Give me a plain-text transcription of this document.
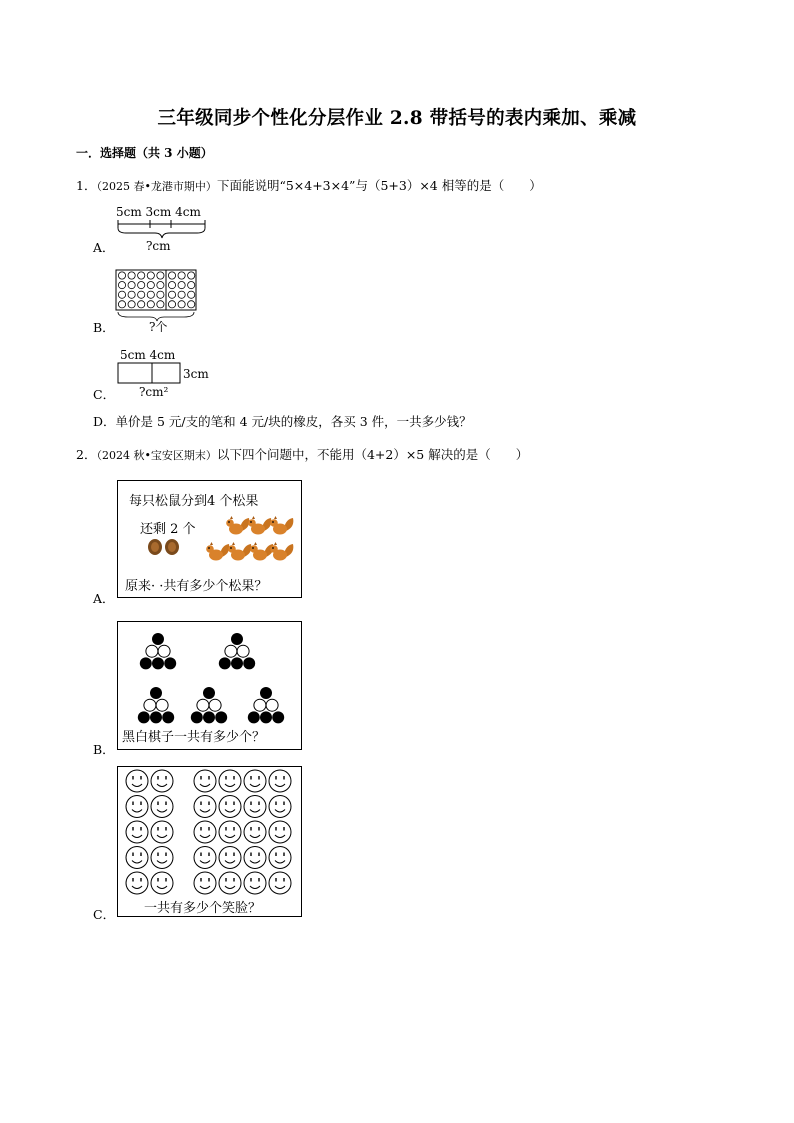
三年级同步个性化分层作业 2.8 带括号的表内乘加、乘减
一．选择题（共 3 小题）
1．（2025 春•龙港市期中）下面能说明“5×4+3×4”与（5+3）×4 相等的是（　　）
A．
5cm 3cm 4cm
?cm
B．	?个
C．
5cm 4cm
3cm
?cm²
D．单价是 5 元/支的笔和 4 元/块的橡皮，各买 3 件，一共多少钱？
2．（2024 秋•宝安区期末）以下四个问题中，不能用（4+2）×5 解决的是（　　）
A．
每只松鼠分到4 个松果
还剩 2 个
原来· ·共有多少个松果？
B．
黑白棋子一共有多少个？
C． 一共有多少个笑脸？
